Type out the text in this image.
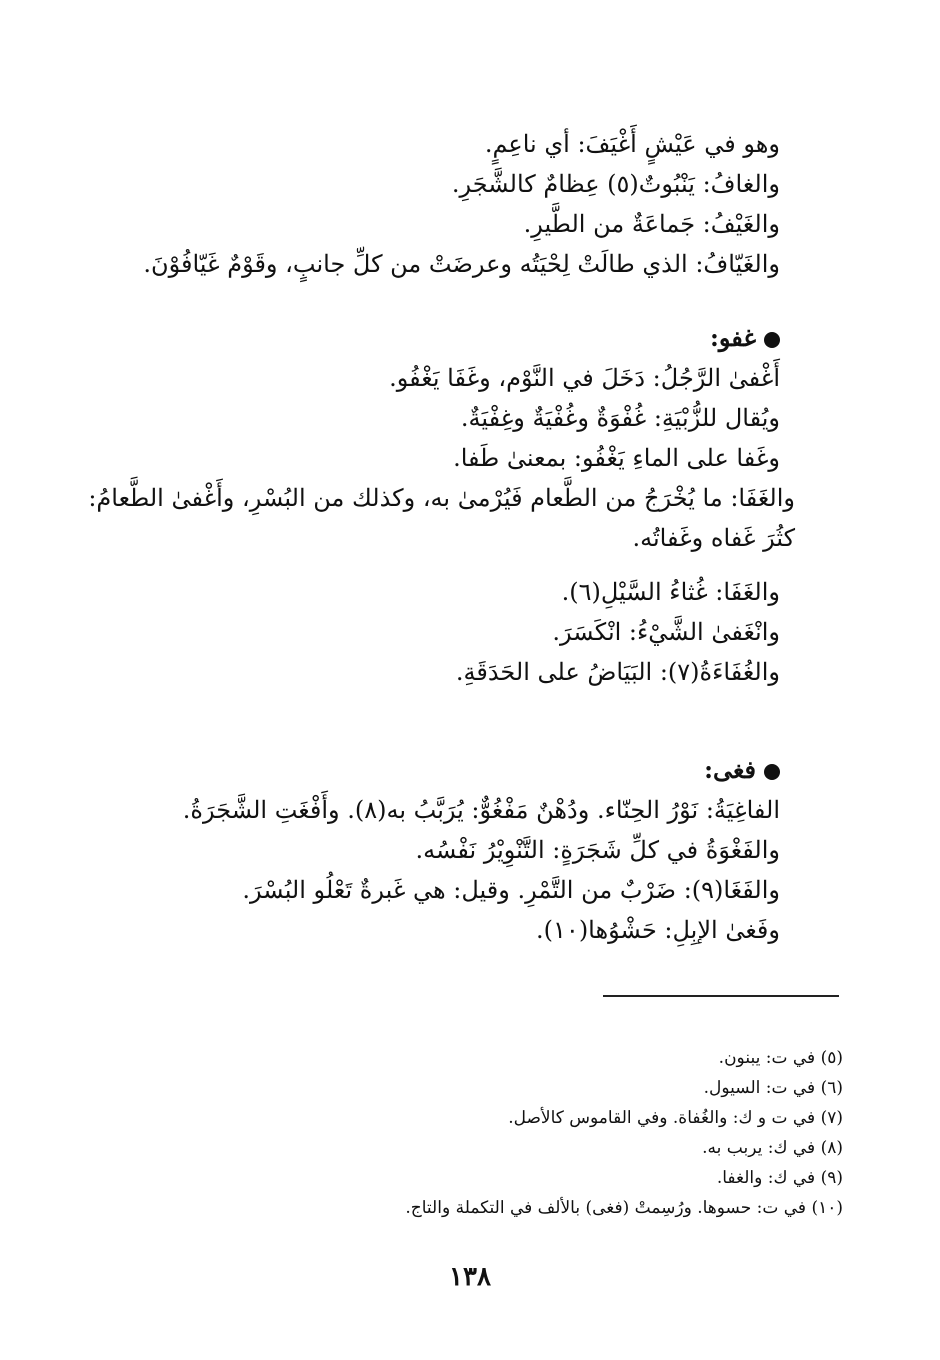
وهو في عَيْشٍ أَغْيَفَ: أي ناعِمٍ.
والغافُ: يَنْبُوتٌ(٥) عِظامٌ كالشَّجَرِ.
والغَيْفُ: جَماعَةٌ من الطَّيرِ.
والغَيّافُ: الذي طالَتْ لِحْيَتُه وعرضَتْ من كلِّ جانبٍ، وقَوْمٌ غَيّافُوْنَ.
غفو:
أَغْفىٰ الرَّجُلُ: دَخَلَ في النَّوْم، وغَفَا يَغْفُو.
ويُقال للزُّبْيَةِ: غُفْوَةٌ وغُفْيَةٌ وغِفْيَةٌ.
وغَفا على الماءِ يَغْفُو: بمعنىٰ طَفا.
والغَفَا: ما يُخْرَجُ من الطَّعام فَيُرْمىٰ به، وكذلك من البُسْرِ، وأَغْفىٰ الطَّعامُ: كثُرَ غَفاه وغَفاتُه.
والغَفَا: غُثاءُ السَّيْلِ(٦).
وانْغَفىٰ الشَّيْءُ: انْكَسَرَ.
والغُفَاءَةُ(٧): البَيَاضُ على الحَدَقَةِ.
فغى:
الفاغِيَةُ: نَوْرُ الحِنّاء. ودُهْنٌ مَفْغُوٌّ: يُرَبَّبُ به(٨). وأَفْغَتِ الشَّجَرَةُ.
والفَغْوَةُ في كلِّ شَجَرَةٍ: التَّنْوِيْرُ نَفْسُه.
والفَغَا(٩): ضَرْبٌ من التَّمْرِ. وقيل: هي غَبرةٌ تَعْلُو البُسْرَ.
وفَغىٰ الإبِلِ: حَشْوُها(١٠).
(٥) في ت: يبنون.
(٦) في ت: السيول.
(٧) في ت و ك: والغُفاة. وفي القاموس كالأصل.
(٨) في ك: يربب به.
(٩) في ك: والغفا.
(١٠) في ت: حسوها. ورُسِمتْ (فغى) بالألف في التكملة والتاج.
١٣٨
